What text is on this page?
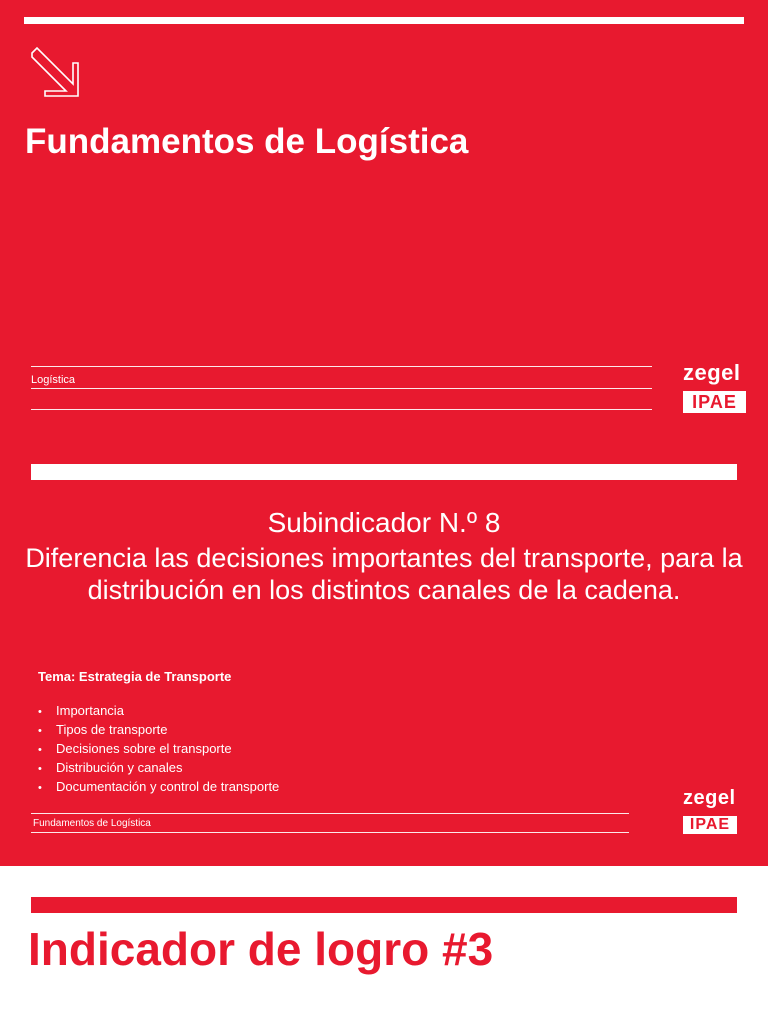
Fundamentos de Logística
Logística	zegel
IPAE
Subindicador N.º 8
Diferencia las decisiones importantes del transporte, para la distribución en los distintos canales de la cadena.
Tema: Estrategia de Transporte
• Importancia
• Tipos de transporte
• Decisiones sobre el transporte
• Distribución y canales
• Documentación y control de transporte
Fundamentos de Logística
zegel
IPAE
Indicador de logro #3
